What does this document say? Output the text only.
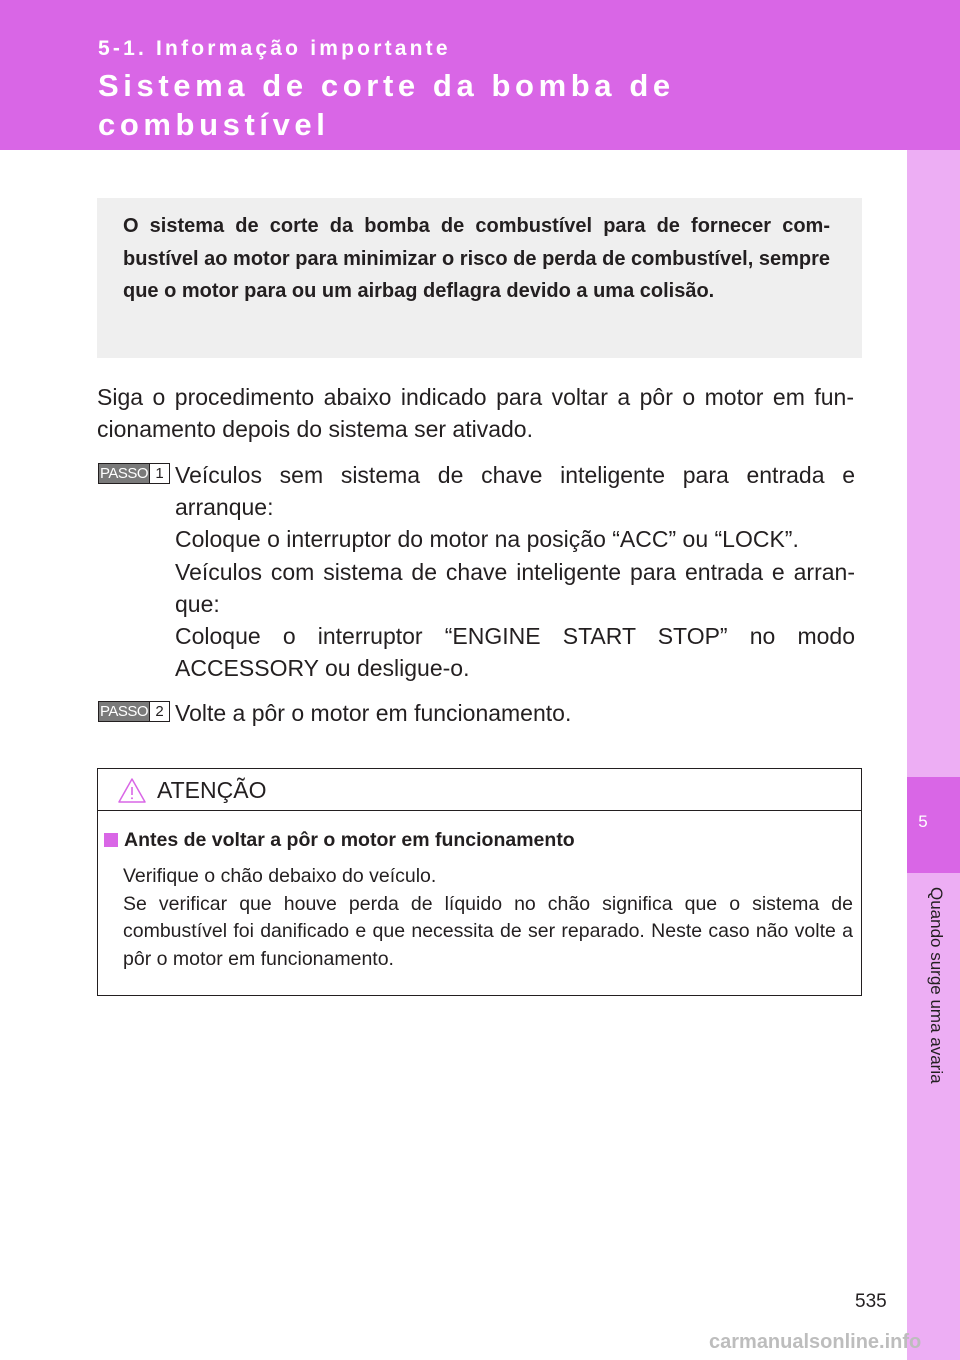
5-1. Informação importante
Sistema de corte da bomba de combustível
(motor a gasolina)
5
Quando surge uma avaria

O sistema de corte da bomba de combustível para de fornecer com-bustível ao motor para minimizar o risco de perda de combustível, sempre que o motor para ou um airbag deflagra devido a uma colisão.

Siga o procedimento abaixo indicado para voltar a pôr o motor em fun-cionamento depois do sistema ser ativado.

PASSO 1 Veículos sem sistema de chave inteligente para entrada e arranque:

Coloque o interruptor do motor na posição “ACC” ou “LOCK”.

Veículos com sistema de chave inteligente para entrada e arran-que:

Coloque o interruptor “ENGINE START STOP” no modo ACCESSORY ou desligue-o.

PASSO 2 Volte a pôr o motor em funcionamento.

ATENÇÃO
Antes de voltar a pôr o motor em funcionamento
Verifique o chão debaixo do veículo.
Se verificar que houve perda de líquido no chão significa que o sistema de combustível foi danificado e que necessita de ser reparado. Neste caso não volte a pôr o motor em funcionamento.
535
carmanualsonline.info
